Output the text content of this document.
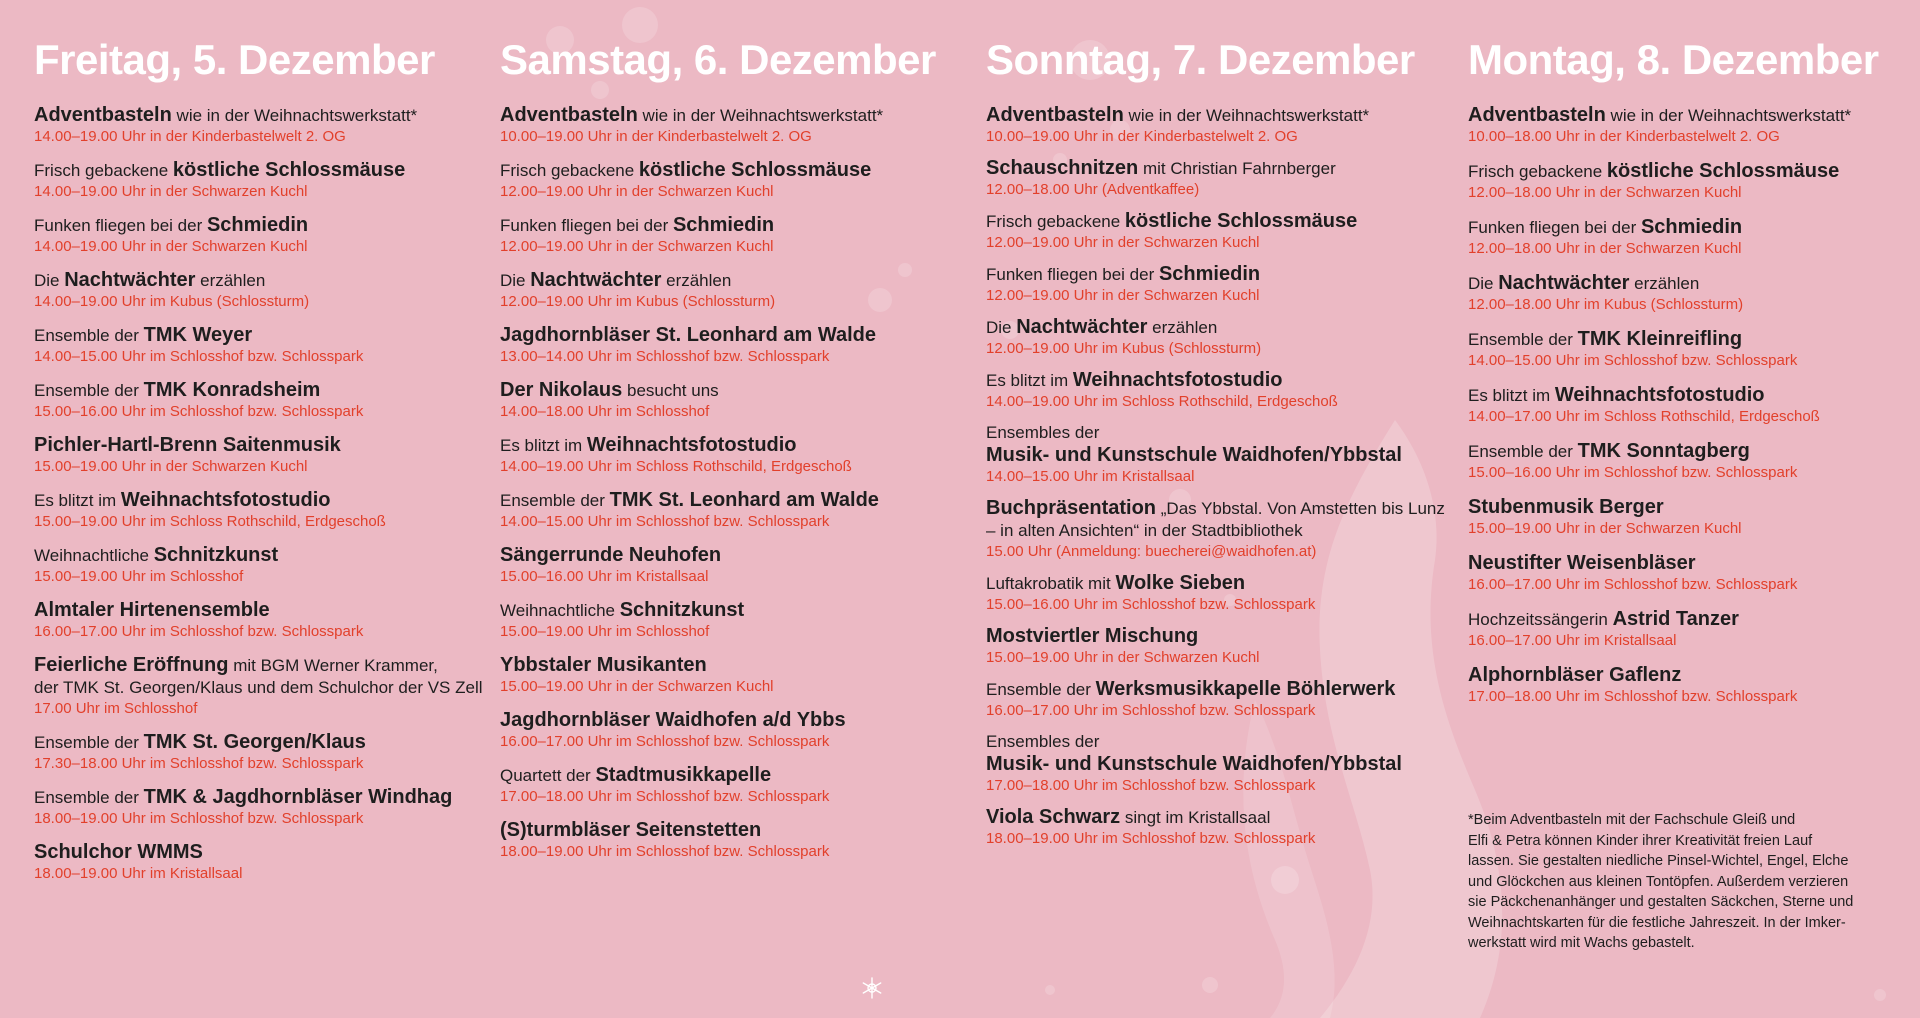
Freitag, 5. Dezember
Adventbasteln wie in der Weihnachtswerkstatt*
14.00–19.00 Uhr in der Kinderbastelwelt 2. OG
Frisch gebackene köstliche Schlossmäuse
14.00–19.00 Uhr in der Schwarzen Kuchl
Funken fliegen bei der Schmiedin
14.00–19.00 Uhr in der Schwarzen Kuchl
Die Nachtwächter erzählen
14.00–19.00 Uhr im Kubus (Schlossturm)
Ensemble der TMK Weyer
14.00–15.00 Uhr im Schlosshof bzw. Schlosspark
Ensemble der TMK Konradsheim
15.00–16.00 Uhr im Schlosshof bzw. Schlosspark
Pichler-Hartl-Brenn Saitenmusik
15.00–19.00 Uhr in der Schwarzen Kuchl
Es blitzt im Weihnachtsfotostudio
15.00–19.00 Uhr im Schloss Rothschild, Erdgeschoß
Weihnachtliche Schnitzkunst
15.00–19.00 Uhr im Schlosshof
Almtaler Hirtenensemble
16.00–17.00 Uhr im Schlosshof bzw. Schlosspark
Feierliche Eröffnung mit BGM Werner Krammer,
der TMK St. Georgen/Klaus und dem Schulchor der VS Zell
17.00 Uhr im Schlosshof
Ensemble der TMK St. Georgen/Klaus
17.30–18.00 Uhr im Schlosshof bzw. Schlosspark
Ensemble der TMK & Jagdhornbläser Windhag
18.00–19.00 Uhr im Schlosshof bzw. Schlosspark
Schulchor WMMS
18.00–19.00 Uhr im Kristallsaal
Samstag, 6. Dezember
Adventbasteln wie in der Weihnachtswerkstatt*
10.00–19.00 Uhr in der Kinderbastelwelt 2. OG
Frisch gebackene köstliche Schlossmäuse
12.00–19.00 Uhr in der Schwarzen Kuchl
Funken fliegen bei der Schmiedin
12.00–19.00 Uhr in der Schwarzen Kuchl
Die Nachtwächter erzählen
12.00–19.00 Uhr im Kubus (Schlossturm)
Jagdhornbläser St. Leonhard am Walde
13.00–14.00 Uhr im Schlosshof bzw. Schlosspark
Der Nikolaus besucht uns
14.00–18.00 Uhr im Schlosshof
Es blitzt im Weihnachtsfotostudio
14.00–19.00 Uhr im Schloss Rothschild, Erdgeschoß
Ensemble der TMK St. Leonhard am Walde
14.00–15.00 Uhr im Schlosshof bzw. Schlosspark
Sängerrunde Neuhofen
15.00–16.00 Uhr im Kristallsaal
Weihnachtliche Schnitzkunst
15.00–19.00 Uhr im Schlosshof
Ybbstaler Musikanten
15.00–19.00 Uhr in der Schwarzen Kuchl
Jagdhornbläser Waidhofen a/d Ybbs
16.00–17.00 Uhr im Schlosshof bzw. Schlosspark
Quartett der Stadtmusikkapelle
17.00–18.00 Uhr im Schlosshof bzw. Schlosspark
(S)turmbläser Seitenstetten
18.00–19.00 Uhr im Schlosshof bzw. Schlosspark
Sonntag, 7. Dezember
Adventbasteln wie in der Weihnachtswerkstatt*
10.00–19.00 Uhr in der Kinderbastelwelt 2. OG
Schauschnitzen mit Christian Fahrnberger
12.00–18.00 Uhr (Adventkaffee)
Frisch gebackene köstliche Schlossmäuse
12.00–19.00 Uhr in der Schwarzen Kuchl
Funken fliegen bei der Schmiedin
12.00–19.00 Uhr in der Schwarzen Kuchl
Die Nachtwächter erzählen
12.00–19.00 Uhr im Kubus (Schlossturm)
Es blitzt im Weihnachtsfotostudio
14.00–19.00 Uhr im Schloss Rothschild, Erdgeschoß
Ensembles der
Musik- und Kunstschule Waidhofen/Ybbstal
14.00–15.00 Uhr im Kristallsaal
Buchpräsentation „Das Ybbstal. Von Amstetten bis Lunz
– in alten Ansichten“ in der Stadtbibliothek
15.00 Uhr (Anmeldung: buecherei@waidhofen.at)
Luftakrobatik mit Wolke Sieben
15.00–16.00 Uhr im Schlosshof bzw. Schlosspark
Mostviertler Mischung
15.00–19.00 Uhr in der Schwarzen Kuchl
Ensemble der Werksmusikkapelle Böhlerwerk
16.00–17.00 Uhr im Schlosshof bzw. Schlosspark
Ensembles der
Musik- und Kunstschule Waidhofen/Ybbstal
17.00–18.00 Uhr im Schlosshof bzw. Schlosspark
Viola Schwarz singt im Kristallsaal
18.00–19.00 Uhr im Schlosshof bzw. Schlosspark
Montag, 8. Dezember
Adventbasteln wie in der Weihnachtswerkstatt*
10.00–18.00 Uhr in der Kinderbastelwelt 2. OG
Frisch gebackene köstliche Schlossmäuse
12.00–18.00 Uhr in der Schwarzen Kuchl
Funken fliegen bei der Schmiedin
12.00–18.00 Uhr in der Schwarzen Kuchl
Die Nachtwächter erzählen
12.00–18.00 Uhr im Kubus (Schlossturm)
Ensemble der TMK Kleinreifling
14.00–15.00 Uhr im Schlosshof bzw. Schlosspark
Es blitzt im Weihnachtsfotostudio
14.00–17.00 Uhr im Schloss Rothschild, Erdgeschoß
Ensemble der TMK Sonntagberg
15.00–16.00 Uhr im Schlosshof bzw. Schlosspark
Stubenmusik Berger
15.00–19.00 Uhr in der Schwarzen Kuchl
Neustifter Weisenbläser
16.00–17.00 Uhr im Schlosshof bzw. Schlosspark
Hochzeitssängerin Astrid Tanzer
16.00–17.00 Uhr im Kristallsaal
Alphornbläser Gaflenz
17.00–18.00 Uhr im Schlosshof bzw. Schlosspark
*Beim Adventbasteln mit der Fachschule Gleiß und
Elfi & Petra können Kinder ihrer Kreativität freien Lauf
lassen. Sie gestalten niedliche Pinsel-Wichtel, Engel, Elche
und Glöckchen aus kleinen Tontöpfen. Außerdem verzieren
sie Päckchenanhänger und gestalten Säckchen, Sterne und
Weihnachtskarten für die festliche Jahreszeit. In der Imker-
werkstatt wird mit Wachs gebastelt.
